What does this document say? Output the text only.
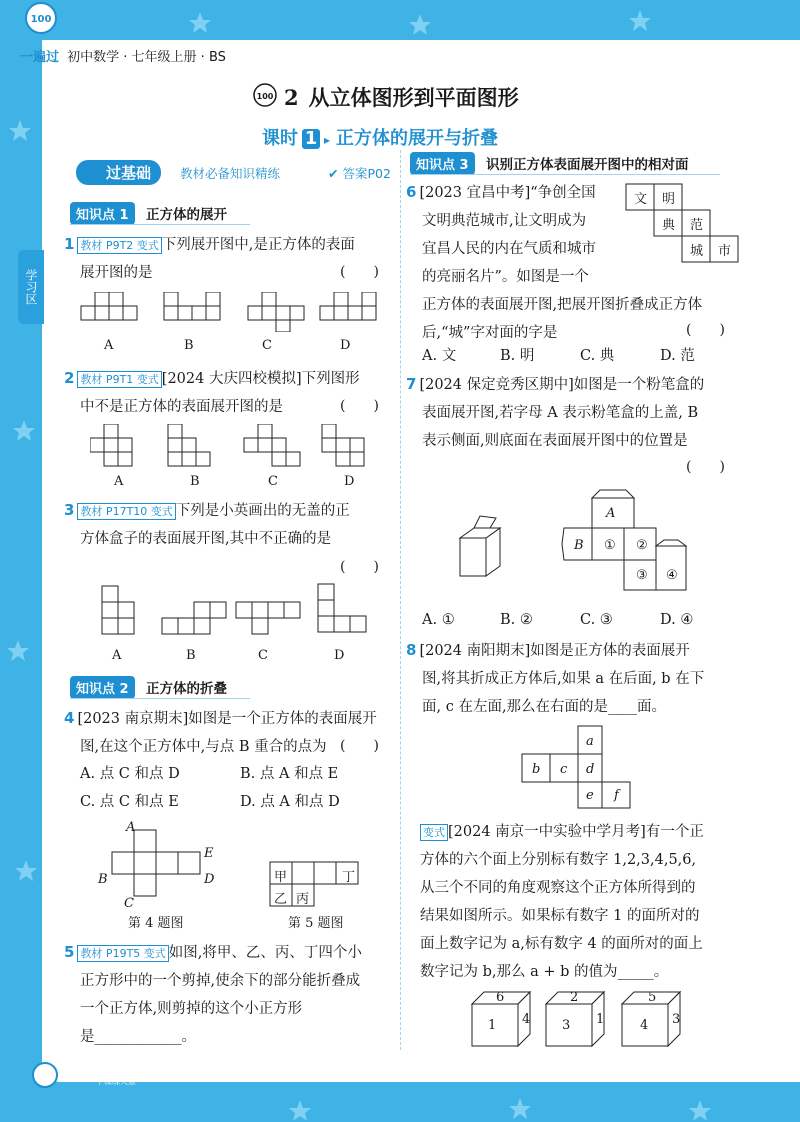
100
一遍过 初中数学 · 七年级上册 · BS
学习区
100 2 从立体图形到平面图形
课时 1 ▸ 正方体的展开与折叠
过基础	教材必备知识精练	✔ 答案P02
知识点 1	正方体的展开
1 教材 P9T2 变式 下列展开图中,是正方体的表面
展开图的是	(　　)
A	B	C	D
2 教材 P9T1 变式 [2024 大庆四校模拟]下列图形
中不是正方体的表面展开图的是	(　　)
A	B	C	D
3 教材 P17T10 变式 下列是小英画出的无盖的正
方体盒子的表面展开图,其中不正确的是
(　　)
A	B	C	D
知识点 2	正方体的折叠
4 [2023 南京期末]如图是一个正方体的表面展开
图,在这个正方体中,与点 B 重合的点为 (　　)
A. 点 C 和点 D	B. 点 A 和点 E
C. 点 C 和点 E	D. 点 A 和点 D
A
B
C
D
E
第 4 题图
甲	丁
乙 丙
第 5 题图
5 教材 P19T5 变式 如图,将甲、乙、丙、丁四个小
正方形中的一个剪掉,使余下的部分能折叠成
一个正方体,则剪掉的这个小正方形
是____________。
知识点 3	识别正方体表面展开图中的相对面
6 [2023 宜昌中考]“争创全国
文明典范城市,让文明成为
宜昌人民的内在气质和城市
的亮丽名片”。如图是一个
正方体的表面展开图,把展开图折叠成正方体
后,“城”字对面的字是	(　　)
文 明
典 范
城 市
A. 文	B. 明	C. 典	D. 范
7 [2024 保定竞秀区期中]如图是一个粉笔盒的
表面展开图,若字母 A 表示粉笔盒的上盖, B
表示侧面,则底面在表面展开图中的位置是
(　　)
A
B ① ②
③ ④
A. ①	B. ②	C. ③	D. ④
8 [2024 南阳期末]如图是正方体的表面展开
图,将其折成正方体后,如果 a 在后面, b 在下
面, c 在左面,那么在右面的是____面。
a
b c d
e f
变式 [2024 南京一中实验中学月考]有一个正
方体的六个面上分别标有数字 1,2,3,4,5,6,
从三个不同的角度观察这个正方体所得到的
结果如图所示。如果标有数字 1 的面所对的
面上数字记为 a,标有数字 4 的面所对的面上
数字记为 b,那么 a + b 的值为_____。
6
1 4
2
3 1
5
4 3
003 上课认真听
下课练天意
